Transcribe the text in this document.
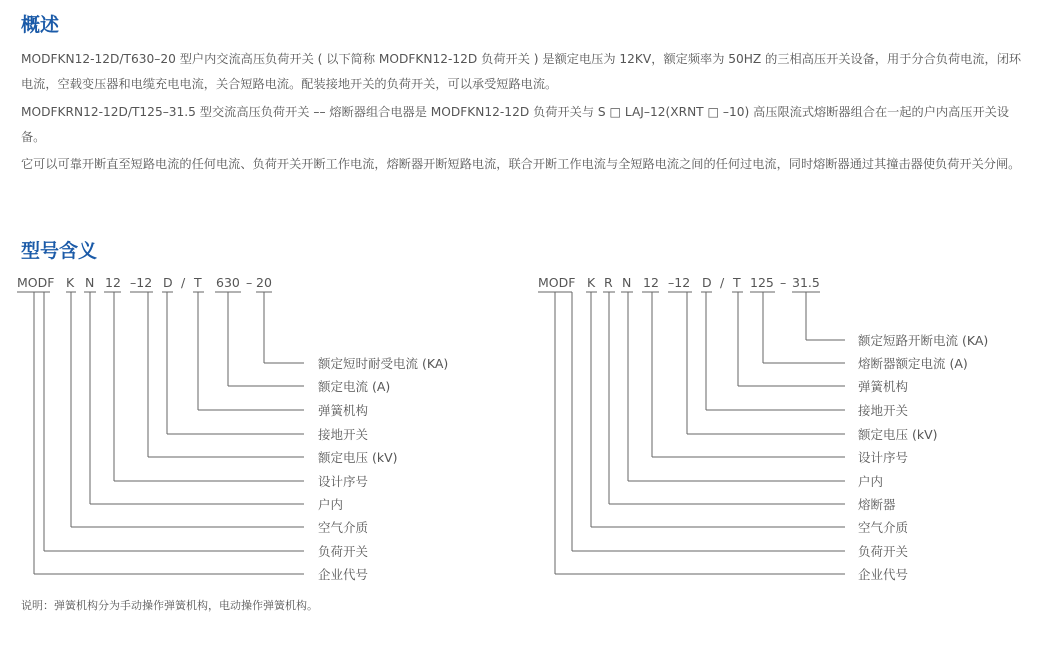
概述

MODFKN12-12D/T630–20 型户内交流高压负荷开关 ( 以下简称 MODFKN12-12D 负荷开关 ) 是额定电压为 12KV，额定频率为 50HZ 的三相高压开关设备，用于分合负荷电流，闭环电流，空载变压器和电缆充电电流，关合短路电流。配装接地开关的负荷开关，可以承受短路电流。

MODFKRN12-12D/T125–31.5 型交流高压负荷开关 –– 熔断器组合电器是 MODFKN12-12D 负荷开关与 S □ LAJ–12(XRNT □ –10) 高压限流式熔断器组合在一起的户内高压开关设备。

它可以可靠开断直至短路电流的任何电流、负荷开关开断工作电流，熔断器开断短路电流，联合开断工作电流与全短路电流之间的任何过电流，同时熔断器通过其撞击器使负荷开关分闸。

型号含义
MODF K N 12 –12 D / T 630 – 20
额定短时耐受电流 (KA)
额定电流 (A)
弹簧机构
接地开关
额定电压 (kV)
设计序号
户内
空气介质
负荷开关
企业代号
MODF K R N 12 –12 D / T 125 – 31.5
额定短路开断电流 (KA)
熔断器额定电流 (A)
弹簧机构
接地开关
额定电压 (kV)
设计序号
户内
熔断器
空气介质
负荷开关
企业代号

说明：弹簧机构分为手动操作弹簧机构，电动操作弹簧机构。
